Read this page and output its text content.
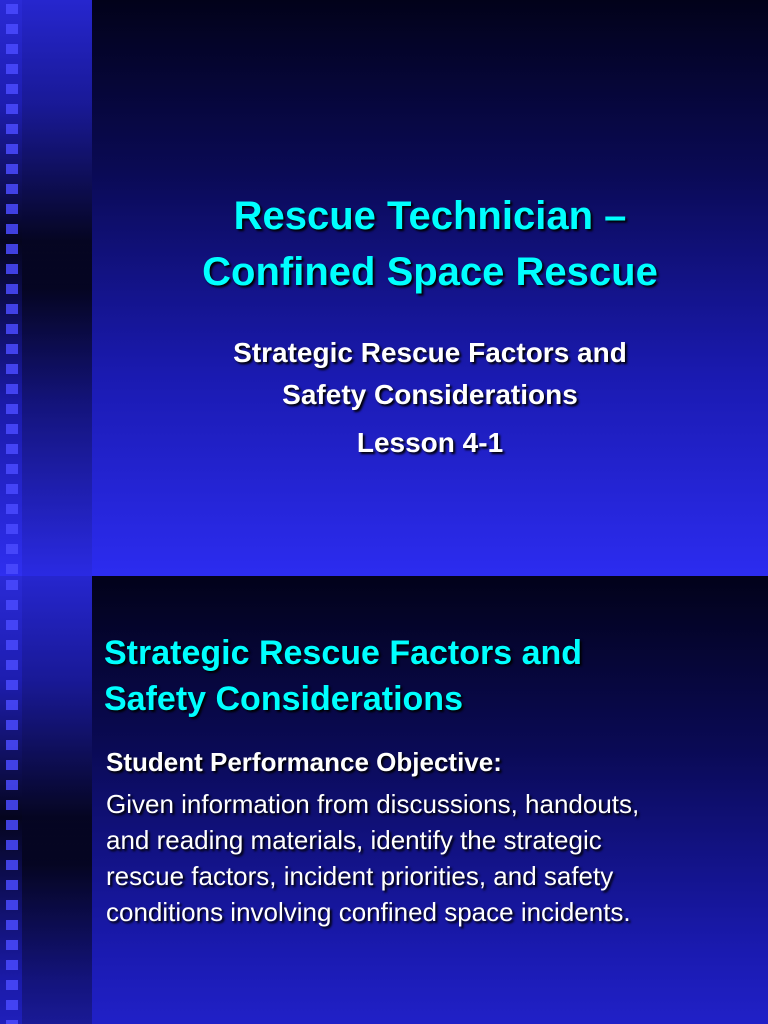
Rescue Technician –
Confined Space Rescue
Strategic Rescue Factors and
Safety Considerations
Lesson 4-1
Strategic Rescue Factors and
Safety Considerations
Student Performance Objective:
Given information from discussions, handouts,
and reading materials, identify the strategic
rescue factors, incident priorities, and safety
conditions involving confined space incidents.
